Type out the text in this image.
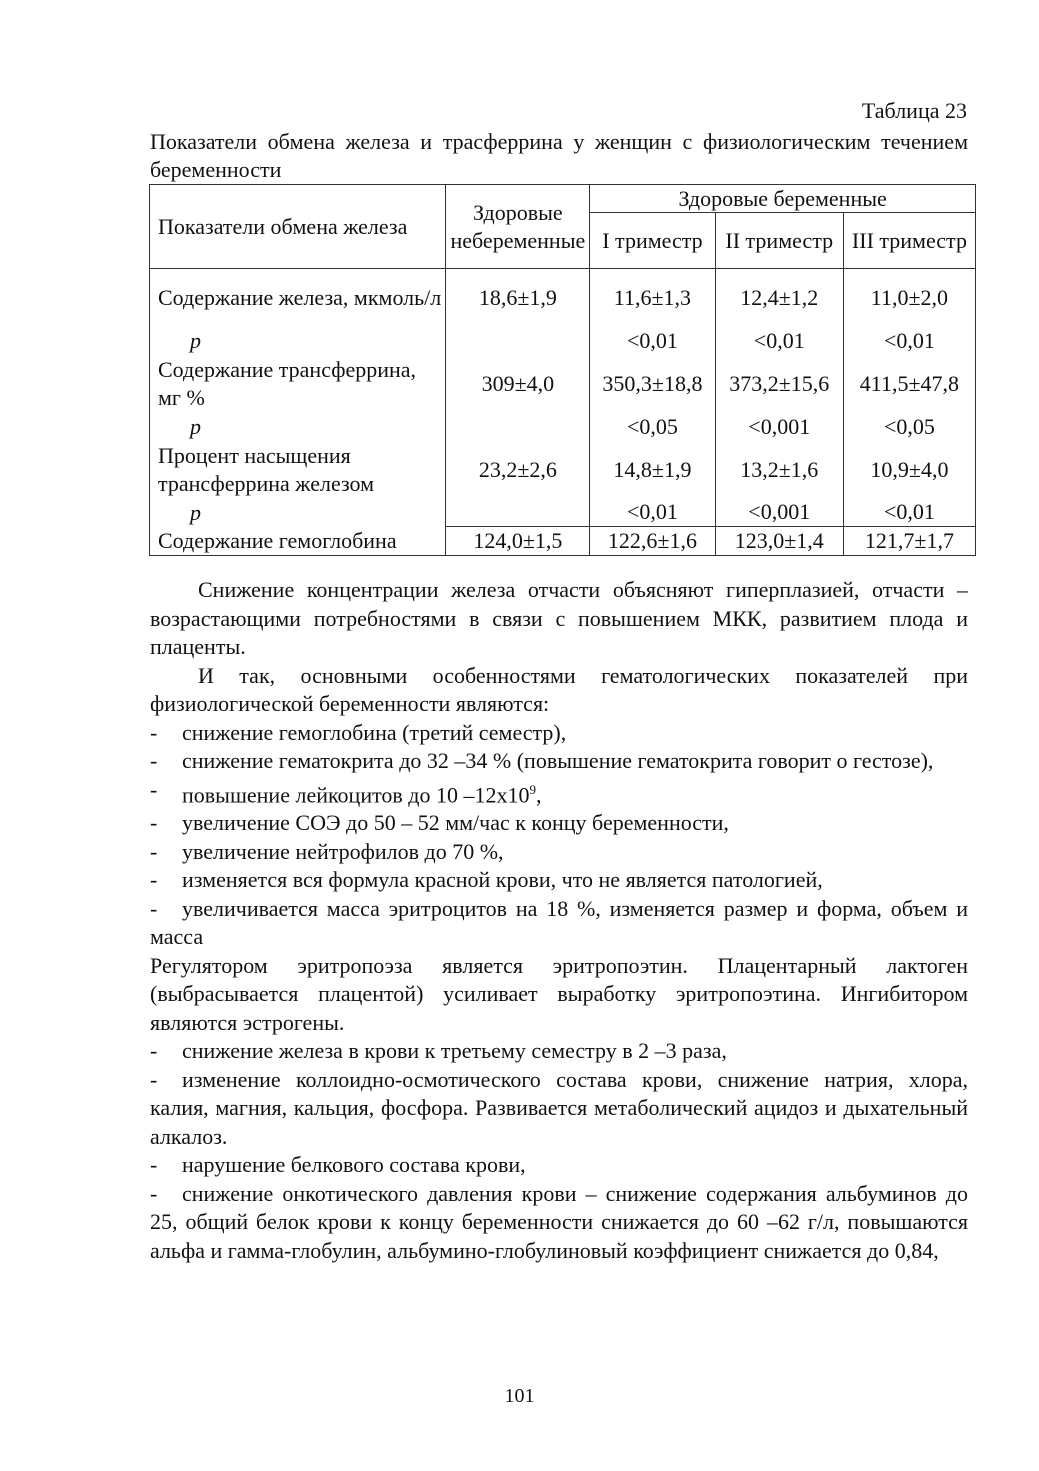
Таблица 23
Показатели обмена железа и трасферрина у женщин с физиологическим течением беременности
Показатели обмена железа	Здоровые небеременные	Здоровые беременные		
		I триместр	II триместр	III триместр
Содержание железа, мкмоль/л	18,6±1,9	11,6±1,3	12,4±1,2	11,0±2,0
p		<0,01	<0,01	<0,01
Содержание трансферрина, мг %	309±4,0	350,3±18,8	373,2±15,6	411,5±47,8
p		<0,05	<0,001	<0,05
Процент насыщения трансферрина железом	23,2±2,6	14,8±1,9	13,2±1,6	10,9±4,0
p		<0,01	<0,001	<0,01
Содержание гемоглобина	124,0±1,5	122,6±1,6	123,0±1,4	121,7±1,7

Снижение концентрации железа отчасти объясняют гиперплазией, отчасти – возрастающими потребностями в связи с повышением МКК, развитием плода и плаценты.

И так, основными особенностями гематологических показателей при физиологической беременности являются:

-	снижение гемоглобина (третий семестр),
- снижение гематокрита до 32 –34 % (повышение гематокрита говорит о гестозе),
-	повышение лейкоцитов до 10 $-12х10^9$,
-	увеличение СОЭ до 50 – 52 мм/час к концу беременности,
-	увеличение нейтрофилов до 70 %,
-	изменяется вся формула красной крови, что не является патологией,
- увеличивается масса эритроцитов на 18 %, изменяется размер и форма, объем и масса

Регулятором эритропоэза является эритропоэтин. Плацентарный лактоген (выбрасывается плацентой) усиливает выработку эритропоэтина. Ингибитором являются эстрогены.

-	снижение железа в крови к третьему семестру в 2 –3 раза,
- изменение коллоидно-осмотического состава крови, снижение натрия, хлора, калия, магния, кальция, фосфора. Развивается метаболический ацидоз и дыхательный алкалоз.
-	нарушение белкового состава крови,
- снижение онкотического давления крови – снижение содержания альбуминов до 25, общий белок крови к концу беременности снижается до 60 –62 г/л, повышаются альфа и гамма-глобулин, альбумино-глобулиновый коэффициент снижается до 0,84,
101
